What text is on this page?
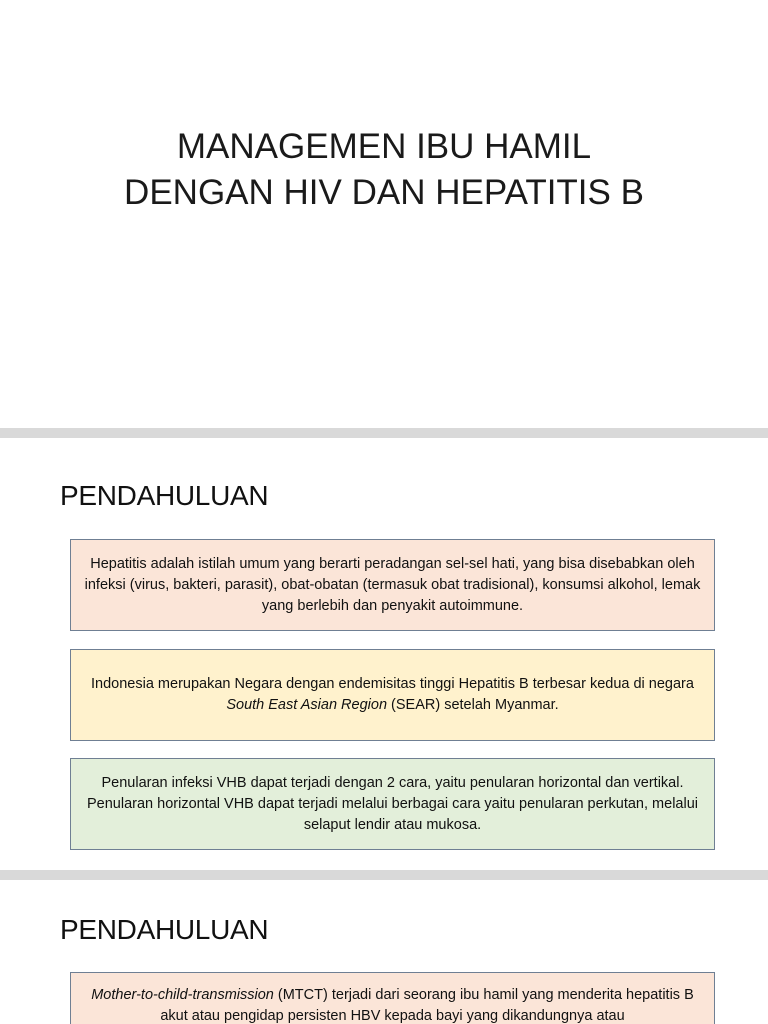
MANAGEMEN IBU HAMIL
DENGAN HIV DAN HEPATITIS B
PENDAHULUAN

Hepatitis adalah istilah umum yang berarti peradangan sel-sel hati, yang bisa disebabkan oleh infeksi (virus, bakteri, parasit), obat-obatan (termasuk obat tradisional), konsumsi alkohol, lemak yang berlebih dan penyakit autoimmune.

Indonesia merupakan Negara dengan endemisitas tinggi Hepatitis B terbesar kedua di negara South East Asian Region (SEAR) setelah Myanmar.

Penularan infeksi VHB dapat terjadi dengan 2 cara, yaitu penularan horizontal dan vertikal. Penularan horizontal VHB dapat terjadi melalui berbagai cara yaitu penularan perkutan, melalui selaput lendir atau mukosa.

PENDAHULUAN

Mother-to-child-transmission (MTCT) terjadi dari seorang ibu hamil yang menderita hepatitis B akut atau pengidap persisten HBV kepada bayi yang dikandungnya atau
